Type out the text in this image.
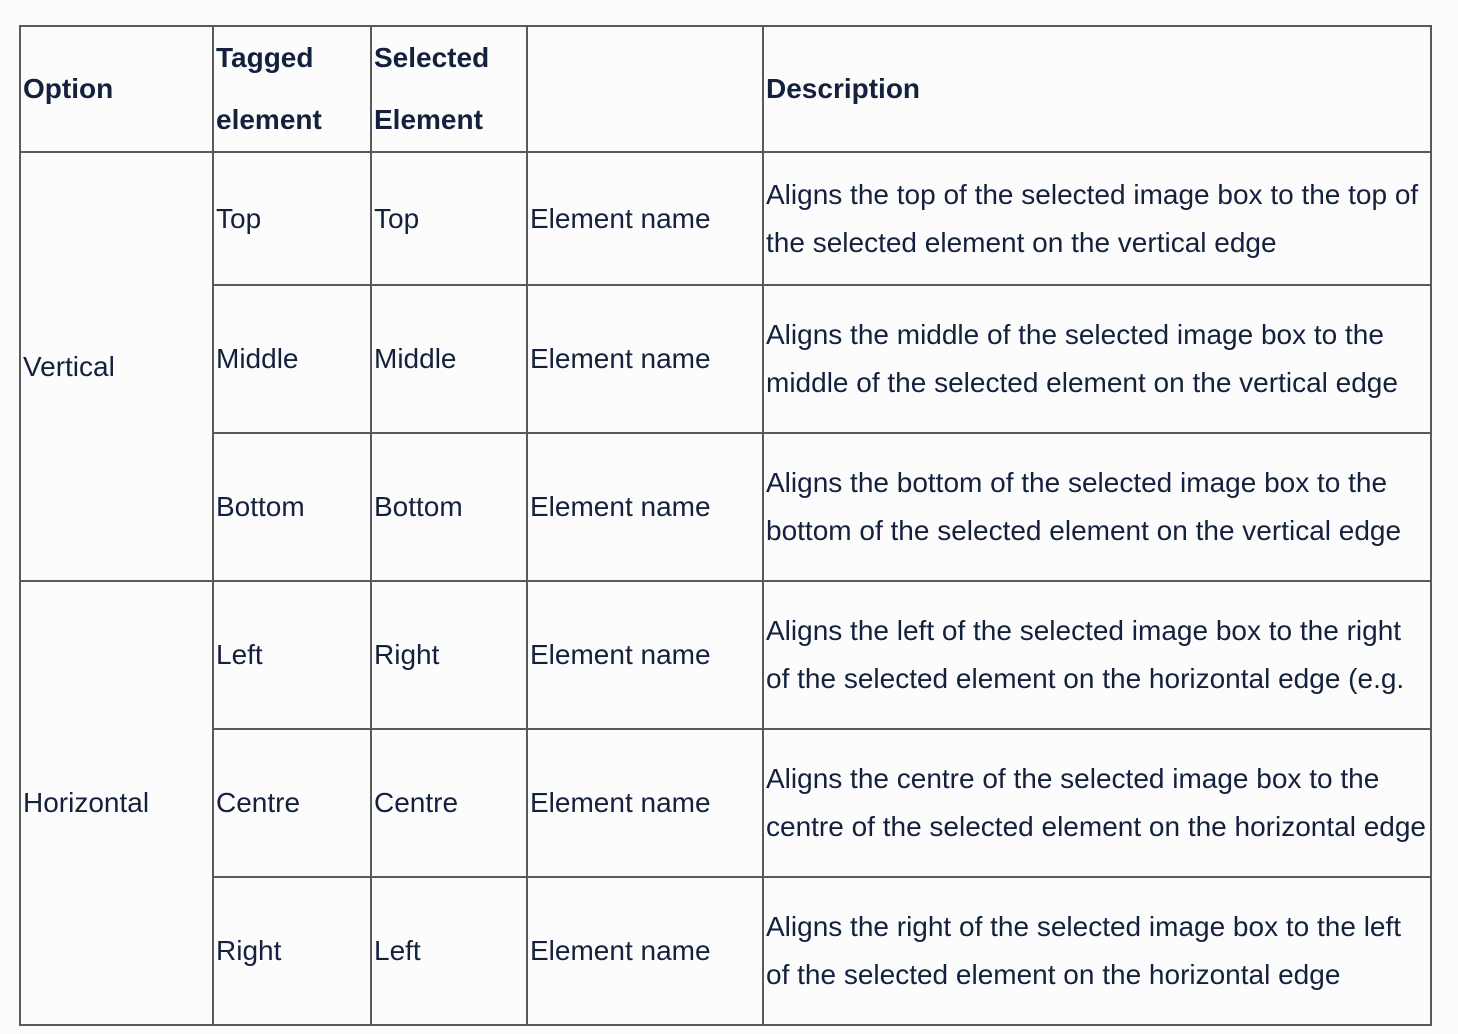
Option	Tagged element	Selected Element		Description
Vertical	Top	Top	Element name	Aligns the top of the selected image box to the top of the selected element on the vertical edge
	Middle	Middle	Element name	Aligns the middle of the selected image box to the middle of the selected element on the vertical edge
	Bottom	Bottom	Element name	Aligns the bottom of the selected image box to the bottom of the selected element on the vertical edge
Horizontal	Left	Right	Element name	Aligns the left of the selected image box to the right of the selected element on the horizontal edge (e.g.
	Centre	Centre	Element name	Aligns the centre of the selected image box to the centre of the selected element on the horizontal edge
	Right	Left	Element name	Aligns the right of the selected image box to the left of the selected element on the horizontal edge
